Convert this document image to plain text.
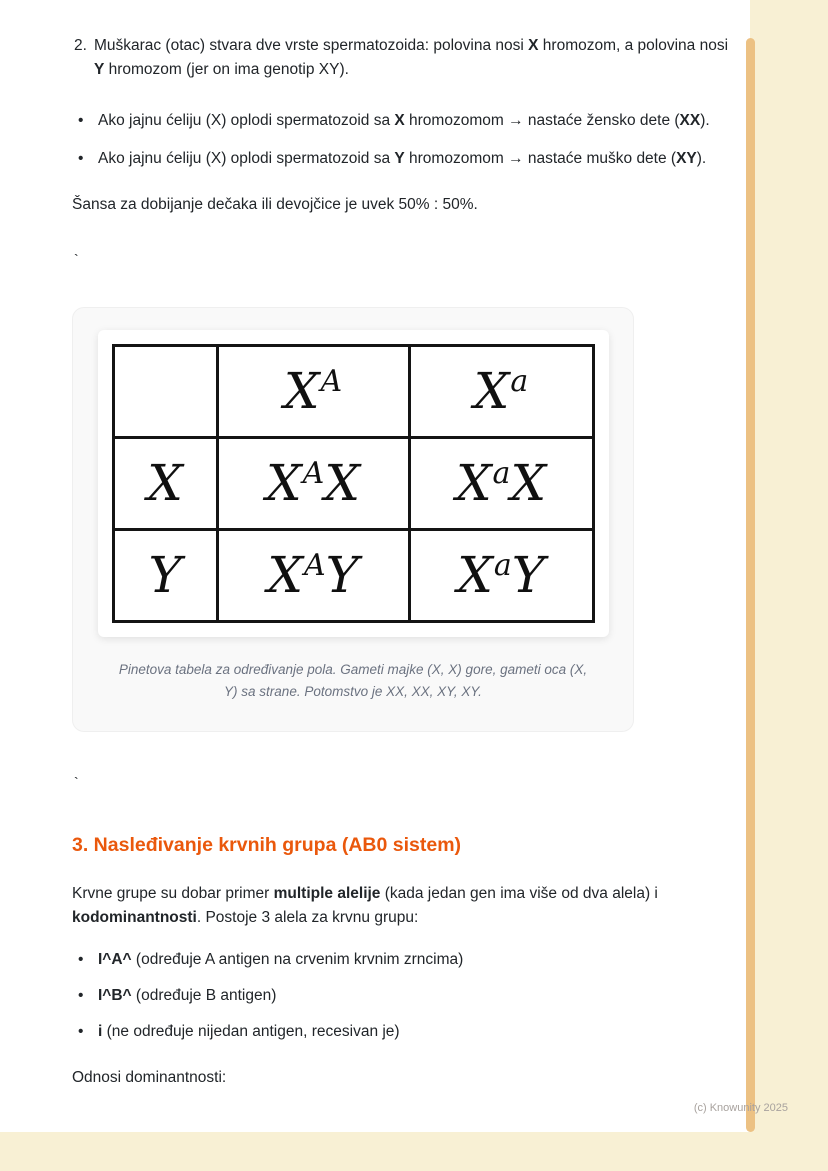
2. Muškarac (otac) stvara dve vrste spermatozoida: polovina nosi X hromozom, a polovina nosi Y hromozom (jer on ima genotip XY).

•

Ako jajnu ćeliju (X) oplodi spermatozoid sa X hromozomom → nastaće žensko dete (XX).

•

Ako jajnu ćeliju (X) oplodi spermatozoid sa Y hromozomom → nastaće muško dete (XY).

Šansa za dobijanje dečaka ili devojčice je uvek 50% : 50%.

`

	$X^A$	$X^a$
X	$X^AX$	$X^aX$
Y	$X^AY$	$X^aY$
Pinetova tabela za određivanje pola. Gameti majke (X, X) gore, gameti oca (X, Y) sa strane. Potomstvo je XX, XX, XY, XY.

`

3. Nasleđivanje krvnih grupa (AB0 sistem)

Krvne grupe su dobar primer multiple alelije (kada jedan gen ima više od dva alela) i kodominantnosti. Postoje 3 alela za krvnu grupu:

•

I^A^ (određuje A antigen na crvenim krvnim zrncima)

•

I^B^ (određuje B antigen)

•

i (ne određuje nijedan antigen, recesivan je)

Odnosi dominantnosti:

(c) Knowunity 2025
